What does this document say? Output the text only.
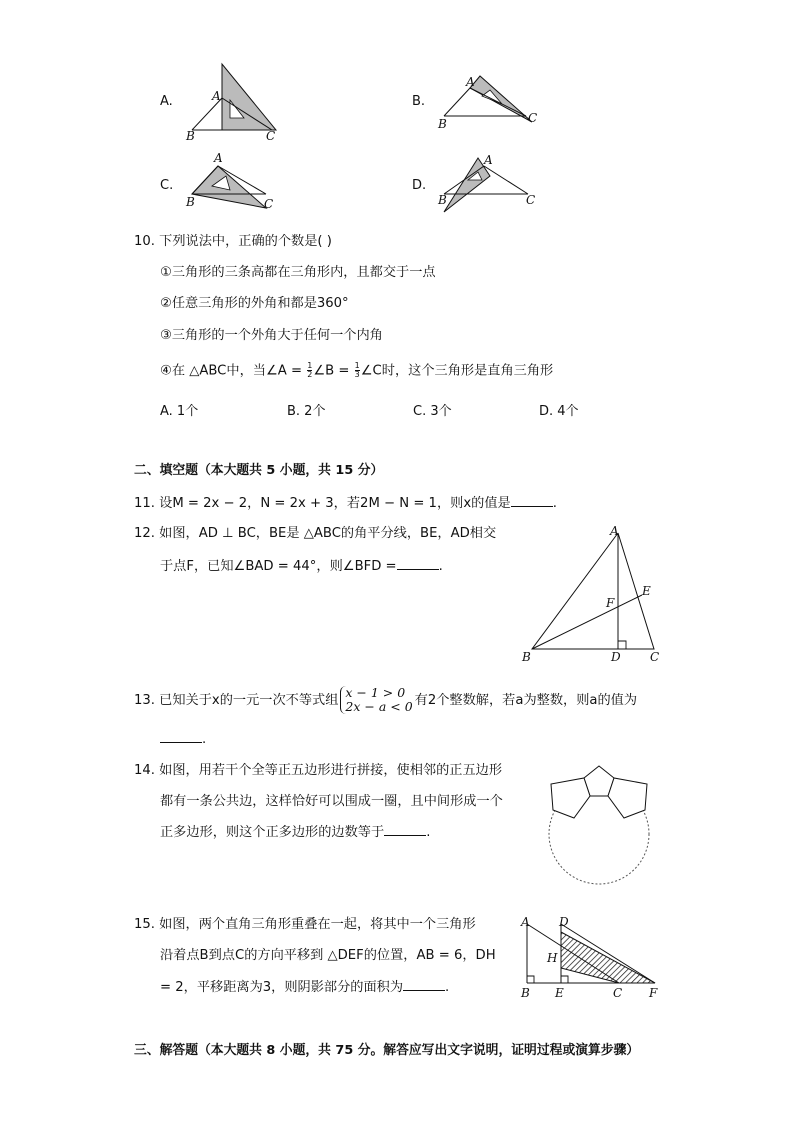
A.	A
B	C
B.
A
B	C
C.
A
B	C
D.
A
B	C
10. 下列说法中，正确的个数是( )
①三角形的三条高都在三角形内，且都交于一点
②任意三角形的外角和都是360°
③三角形的一个外角大于任何一个内角
④在 △ABC中，当∠A = $\frac{1}{2}$ ∠B = $\frac{1}{3}$ ∠C时，这个三角形是直角三角形
A. 1个	B. 2个	C. 3个	D. 4个
二、填空题（本大题共 5 小题，共 15 分）
11. 设M = 2x − 2，N = 2x + 3，若2M − N = 1，则x的值是	.
12. 如图，AD ⊥ BC，BE是 △ABC的角平分线，BE，AD相交
于点F，已知∠BAD = 44°，则∠BFD =	.
A
B	C
D
E
F
13. 已知关于x的一元一次不等式组
x − 1 > 0
2x − a < 0 有2个整数解，若a为整数，则a的值为
.
14. 如图，用若干个全等正五边形进行拼接，使相邻的正五边形
都有一条公共边，这样恰好可以围成一圈，且中间形成一个
正多边形，则这个正多边形的边数等于	.
15. 如图，两个直角三角形重叠在一起，将其中一个三角形
沿着点B到点C的方向平移到 △DEF的位置，AB = 6，DH
= 2，平移距离为3，则阴影部分的面积为	.
A D
H
B E	C F
三、解答题（本大题共 8 小题，共 75 分。解答应写出文字说明，证明过程或演算步骤）
